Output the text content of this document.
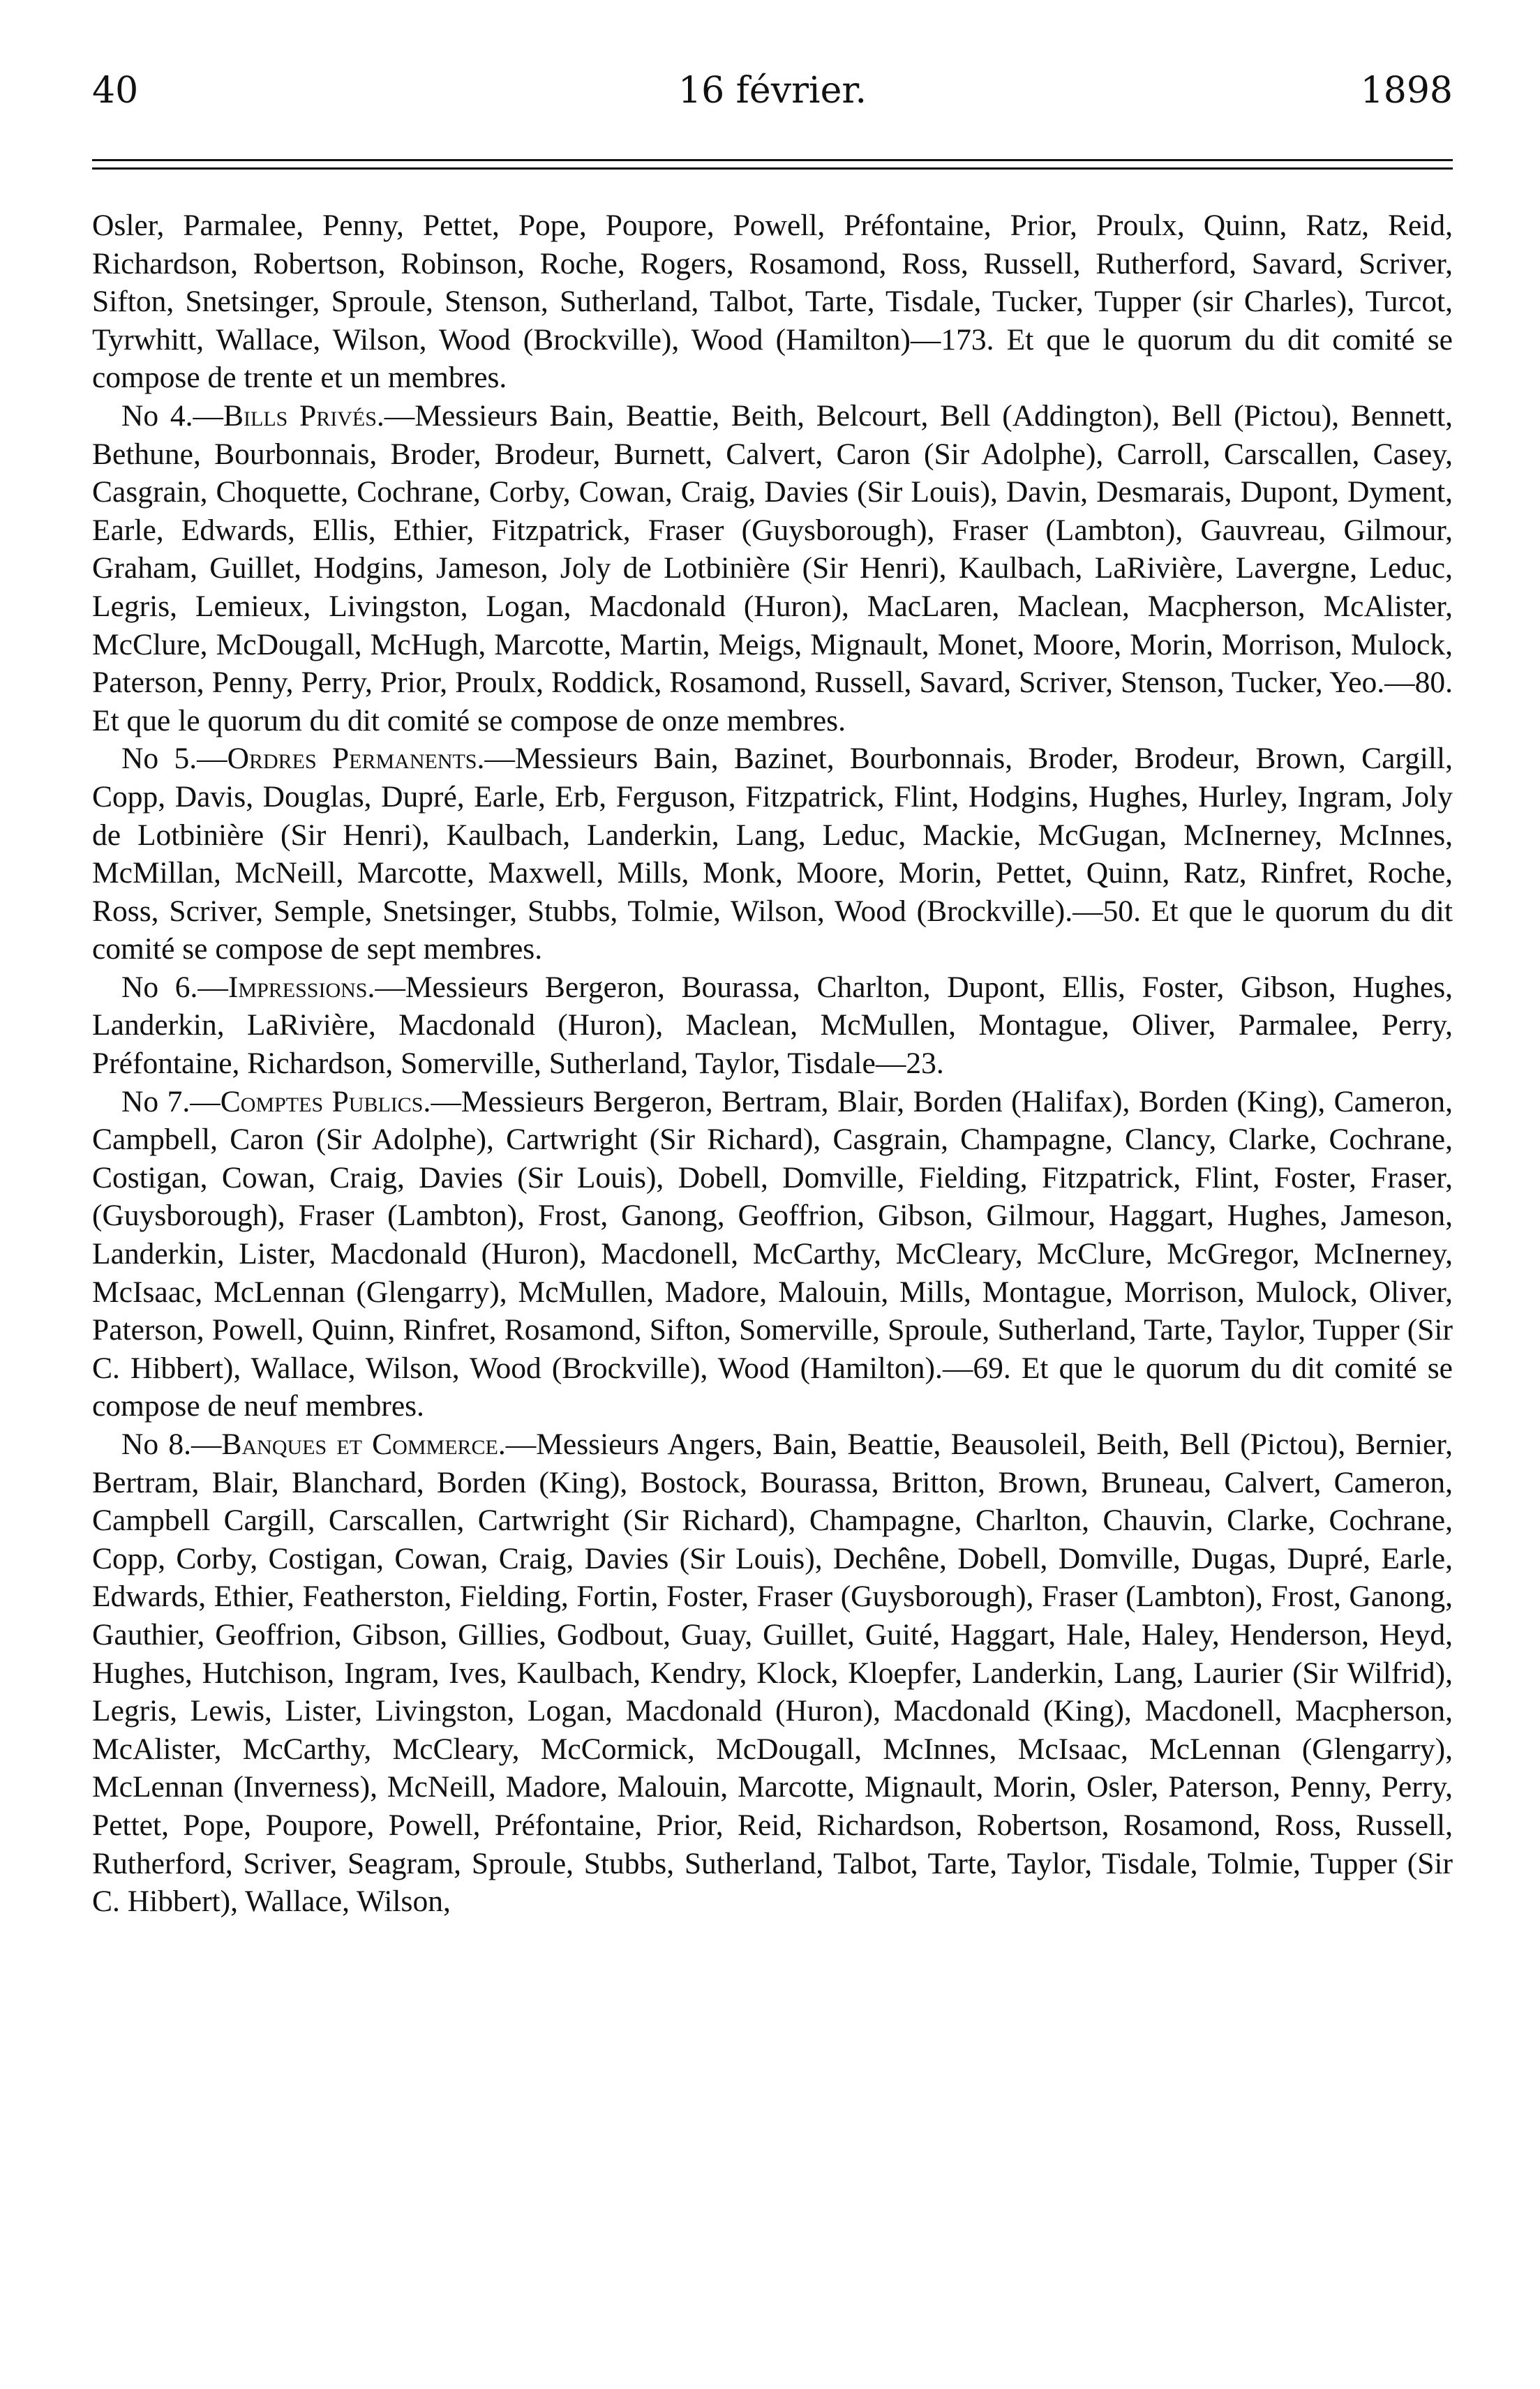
40	16 février.	1898

Osler, Parmalee, Penny, Pettet, Pope, Poupore, Powell, Préfontaine, Prior, Proulx, Quinn, Ratz, Reid, Richardson, Robertson, Robinson, Roche, Rogers, Rosamond, Ross, Russell, Rutherford, Savard, Scriver, Sifton, Snetsinger, Sproule, Stenson, Sutherland, Talbot, Tarte, Tisdale, Tucker, Tupper (sir Charles), Turcot, Tyrwhitt, Wallace, Wilson, Wood (Brockville), Wood (Hamilton)—173. Et que le quorum du dit comité se compose de trente et un membres.

No 4.—Bills Privés.—Messieurs Bain, Beattie, Beith, Belcourt, Bell (Addington), Bell (Pictou), Bennett, Bethune, Bourbonnais, Broder, Brodeur, Burnett, Calvert, Caron (Sir Adolphe), Carroll, Carscallen, Casey, Casgrain, Choquette, Cochrane, Corby, Cowan, Craig, Davies (Sir Louis), Davin, Desmarais, Dupont, Dyment, Earle, Edwards, Ellis, Ethier, Fitzpatrick, Fraser (Guysborough), Fraser (Lambton), Gauvreau, Gilmour, Graham, Guillet, Hodgins, Jameson, Joly de Lotbinière (Sir Henri), Kaulbach, LaRivière, Lavergne, Leduc, Legris, Lemieux, Livingston, Logan, Macdonald (Huron), MacLaren, Maclean, Macpherson, McAlister, McClure, McDougall, McHugh, Marcotte, Martin, Meigs, Mignault, Monet, Moore, Morin, Morrison, Mulock, Paterson, Penny, Perry, Prior, Proulx, Roddick, Rosamond, Russell, Savard, Scriver, Stenson, Tucker, Yeo.—80. Et que le quorum du dit comité se compose de onze membres.

No 5.—Ordres Permanents.—Messieurs Bain, Bazinet, Bourbonnais, Broder, Brodeur, Brown, Cargill, Copp, Davis, Douglas, Dupré, Earle, Erb, Ferguson, Fitzpatrick, Flint, Hodgins, Hughes, Hurley, Ingram, Joly de Lotbinière (Sir Henri), Kaulbach, Landerkin, Lang, Leduc, Mackie, McGugan, McInerney, McInnes, McMillan, McNeill, Marcotte, Maxwell, Mills, Monk, Moore, Morin, Pettet, Quinn, Ratz, Rinfret, Roche, Ross, Scriver, Semple, Snetsinger, Stubbs, Tolmie, Wilson, Wood (Brockville).—50. Et que le quorum du dit comité se compose de sept membres.

No 6.—Impressions.—Messieurs Bergeron, Bourassa, Charlton, Dupont, Ellis, Foster, Gibson, Hughes, Landerkin, LaRivière, Macdonald (Huron), Maclean, McMullen, Montague, Oliver, Parmalee, Perry, Préfontaine, Richardson, Somerville, Sutherland, Taylor, Tisdale—23.

No 7.—Comptes Publics.—Messieurs Bergeron, Bertram, Blair, Borden (Halifax), Borden (King), Cameron, Campbell, Caron (Sir Adolphe), Cartwright (Sir Richard), Casgrain, Champagne, Clancy, Clarke, Cochrane, Costigan, Cowan, Craig, Davies (Sir Louis), Dobell, Domville, Fielding, Fitzpatrick, Flint, Foster, Fraser, (Guysborough), Fraser (Lambton), Frost, Ganong, Geoffrion, Gibson, Gilmour, Haggart, Hughes, Jameson, Landerkin, Lister, Macdonald (Huron), Macdonell, McCarthy, McCleary, McClure, McGregor, McInerney, McIsaac, McLennan (Glengarry), McMullen, Madore, Malouin, Mills, Montague, Morrison, Mulock, Oliver, Paterson, Powell, Quinn, Rinfret, Rosamond, Sifton, Somerville, Sproule, Sutherland, Tarte, Taylor, Tupper (Sir C. Hibbert), Wallace, Wilson, Wood (Brockville), Wood (Hamilton).—69. Et que le quorum du dit comité se compose de neuf membres.

No 8.—Banques et Commerce.—Messieurs Angers, Bain, Beattie, Beausoleil, Beith, Bell (Pictou), Bernier, Bertram, Blair, Blanchard, Borden (King), Bostock, Bourassa, Britton, Brown, Bruneau, Calvert, Cameron, Campbell Cargill, Carscallen, Cartwright (Sir Richard), Champagne, Charlton, Chauvin, Clarke, Cochrane, Copp, Corby, Costigan, Cowan, Craig, Davies (Sir Louis), Dechêne, Dobell, Domville, Dugas, Dupré, Earle, Edwards, Ethier, Featherston, Fielding, Fortin, Foster, Fraser (Guysborough), Fraser (Lambton), Frost, Ganong, Gauthier, Geoffrion, Gibson, Gillies, Godbout, Guay, Guillet, Guité, Haggart, Hale, Haley, Henderson, Heyd, Hughes, Hutchison, Ingram, Ives, Kaulbach, Kendry, Klock, Kloepfer, Landerkin, Lang, Laurier (Sir Wilfrid), Legris, Lewis, Lister, Livingston, Logan, Macdonald (Huron), Macdonald (King), Macdonell, Macpherson, McAlister, McCarthy, McCleary, McCormick, McDougall, McInnes, McIsaac, McLennan (Glengarry), McLennan (Inverness), McNeill, Madore, Malouin, Marcotte, Mignault, Morin, Osler, Paterson, Penny, Perry, Pettet, Pope, Poupore, Powell, Préfontaine, Prior, Reid, Richardson, Robertson, Rosamond, Ross, Russell, Rutherford, Scriver, Seagram, Sproule, Stubbs, Sutherland, Talbot, Tarte, Taylor, Tisdale, Tolmie, Tupper (Sir C. Hibbert), Wallace, Wilson,
